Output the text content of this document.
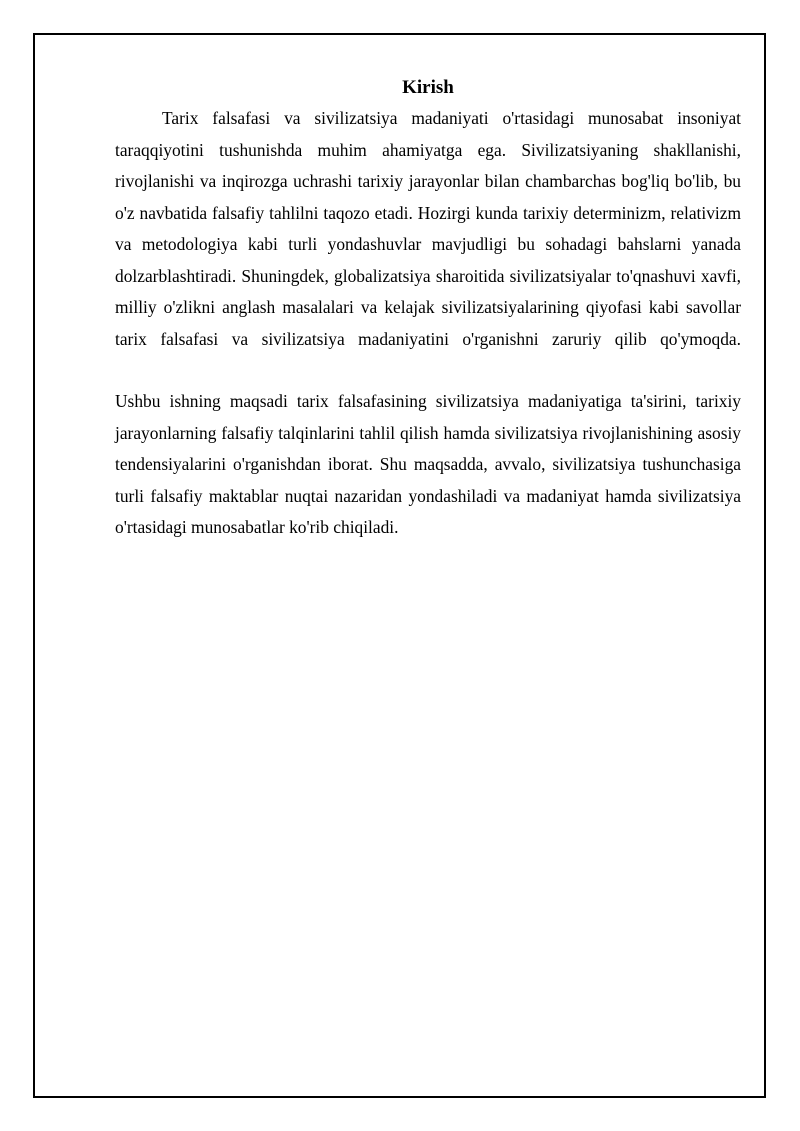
Kirish

Tarix falsafasi va sivilizatsiya madaniyati o'rtasidagi munosabat insoniyat taraqqiyotini tushunishda muhim ahamiyatga ega. Sivilizatsiyaning shakllanishi, rivojlanishi va inqirozga uchrashi tarixiy jarayonlar bilan chambarchas bog'liq bo'lib, bu o'z navbatida falsafiy tahlilni taqozo etadi. Hozirgi kunda tarixiy determinizm, relativizm va metodologiya kabi turli yondashuvlar mavjudligi bu sohadagi bahslarni yanada dolzarblashtiradi. Shuningdek, globalizatsiya sharoitida sivilizatsiyalar to'qnashuvi xavfi, milliy o'zlikni anglash masalalari va kelajak sivilizatsiyalarining qiyofasi kabi savollar tarix falsafasi va sivilizatsiya madaniyatini o'rganishni zaruriy qilib qo'ymoqda.

Ushbu ishning maqsadi tarix falsafasining sivilizatsiya madaniyatiga ta'sirini, tarixiy jarayonlarning falsafiy talqinlarini tahlil qilish hamda sivilizatsiya rivojlanishining asosiy tendensiyalarini o'rganishdan iborat. Shu maqsadda, avvalo, sivilizatsiya tushunchasiga turli falsafiy maktablar nuqtai nazaridan yondashiladi va madaniyat hamda sivilizatsiya o'rtasidagi munosabatlar ko'rib chiqiladi.
